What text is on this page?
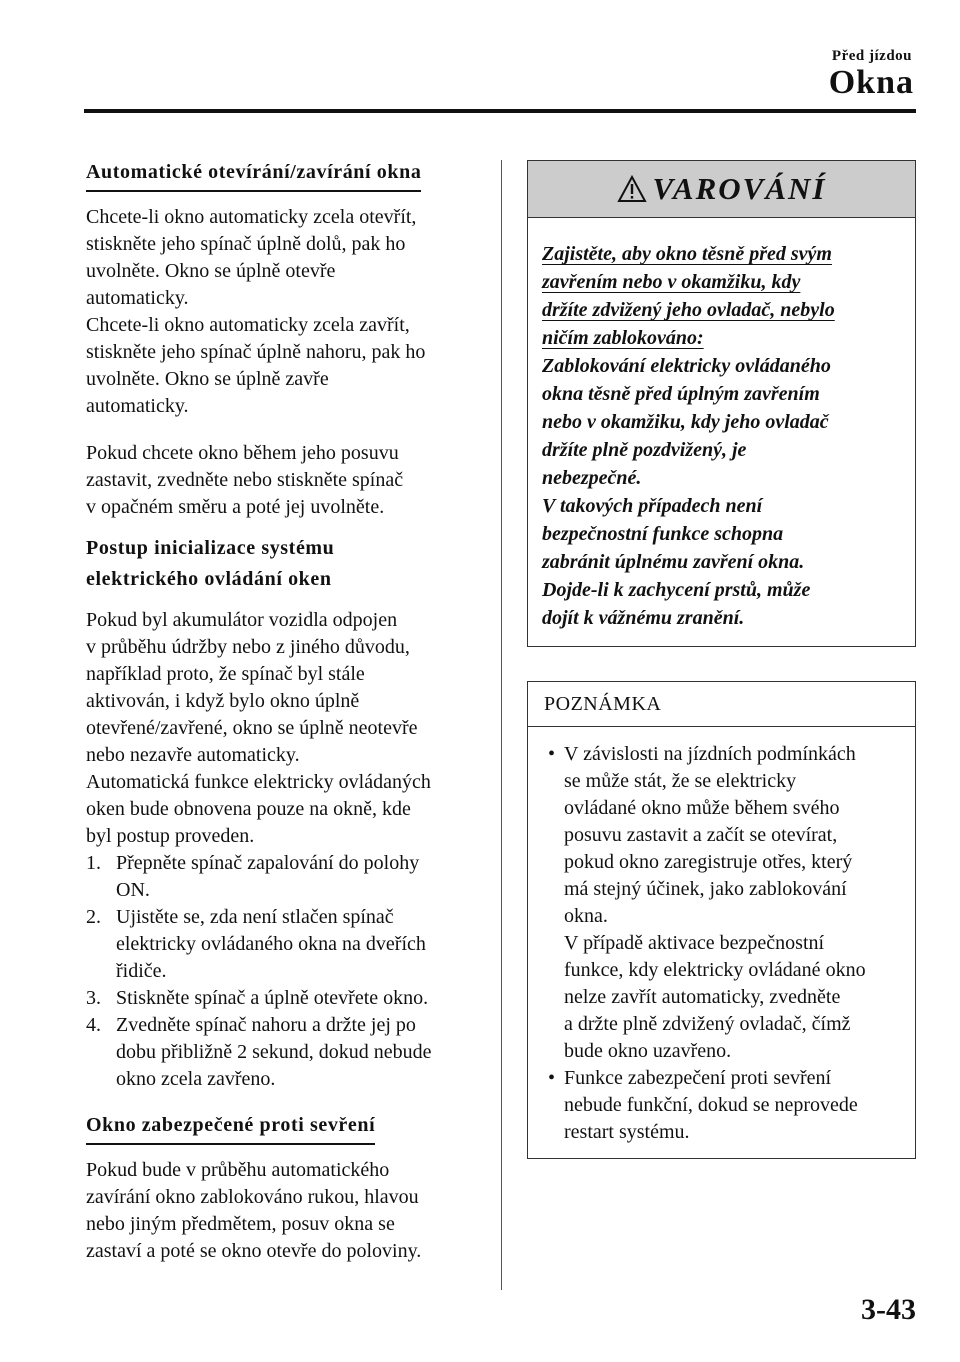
Před jízdou
Okna
Automatické otevírání/zavírání okna

Chcete-li okno automaticky zcela otevřít,
stiskněte jeho spínač úplně dolů, pak ho
uvolněte. Okno se úplně otevře
automaticky.
Chcete-li okno automaticky zcela zavřít,
stiskněte jeho spínač úplně nahoru, pak ho
uvolněte. Okno se úplně zavře
automaticky.

Pokud chcete okno během jeho posuvu
zastavit, zvedněte nebo stiskněte spínač
v opačném směru a poté jej uvolněte.

Postup inicializace systému
elektrického ovládání oken

Pokud byl akumulátor vozidla odpojen
v průběhu údržby nebo z jiného důvodu,
například proto, že spínač byl stále
aktivován, i když bylo okno úplně
otevřené/zavřené, okno se úplně neotevře
nebo nezavře automaticky.
Automatická funkce elektricky ovládaných
oken bude obnovena pouze na okně, kde
byl postup proveden.

1. Přepněte spínač zapalování do polohy
ON.
2. Ujistěte se, zda není stlačen spínač
elektricky ovládaného okna na dveřích
řidiče.
3. Stiskněte spínač a úplně otevřete okno.
4. Zvedněte spínač nahoru a držte jej po
dobu přibližně 2 sekund, dokud nebude
okno zcela zavřeno.
Okno zabezpečené proti sevření

Pokud bude v průběhu automatického
zavírání okno zablokováno rukou, hlavou
nebo jiným předmětem, posuv okna se
zastaví a poté se okno otevře do poloviny.

VAROVÁNÍ
Zajistěte, aby okno těsně před svým
zavřením nebo v okamžiku, kdy
držíte zdvižený jeho ovladač, nebylo
ničím zablokováno:
Zablokování elektricky ovládaného
okna těsně před úplným zavřením
nebo v okamžiku, kdy jeho ovladač
držíte plně pozdvižený, je
nebezpečné.
V takových případech není
bezpečnostní funkce schopna
zabránit úplnému zavření okna.
Dojde-li k zachycení prstů, může
dojít k vážnému zranění.
POZNÁMKA
• V závislosti na jízdních podmínkách
se může stát, že se elektricky
ovládané okno může během svého
posuvu zastavit a začít se otevírat,
pokud okno zaregistruje otřes, který
má stejný účinek, jako zablokování
okna.
V případě aktivace bezpečnostní
funkce, kdy elektricky ovládané okno
nelze zavřít automaticky, zvedněte
a držte plně zdvižený ovladač, čímž
bude okno uzavřeno.
• Funkce zabezpečení proti sevření
nebude funkční, dokud se neprovede
restart systému.
3-43
